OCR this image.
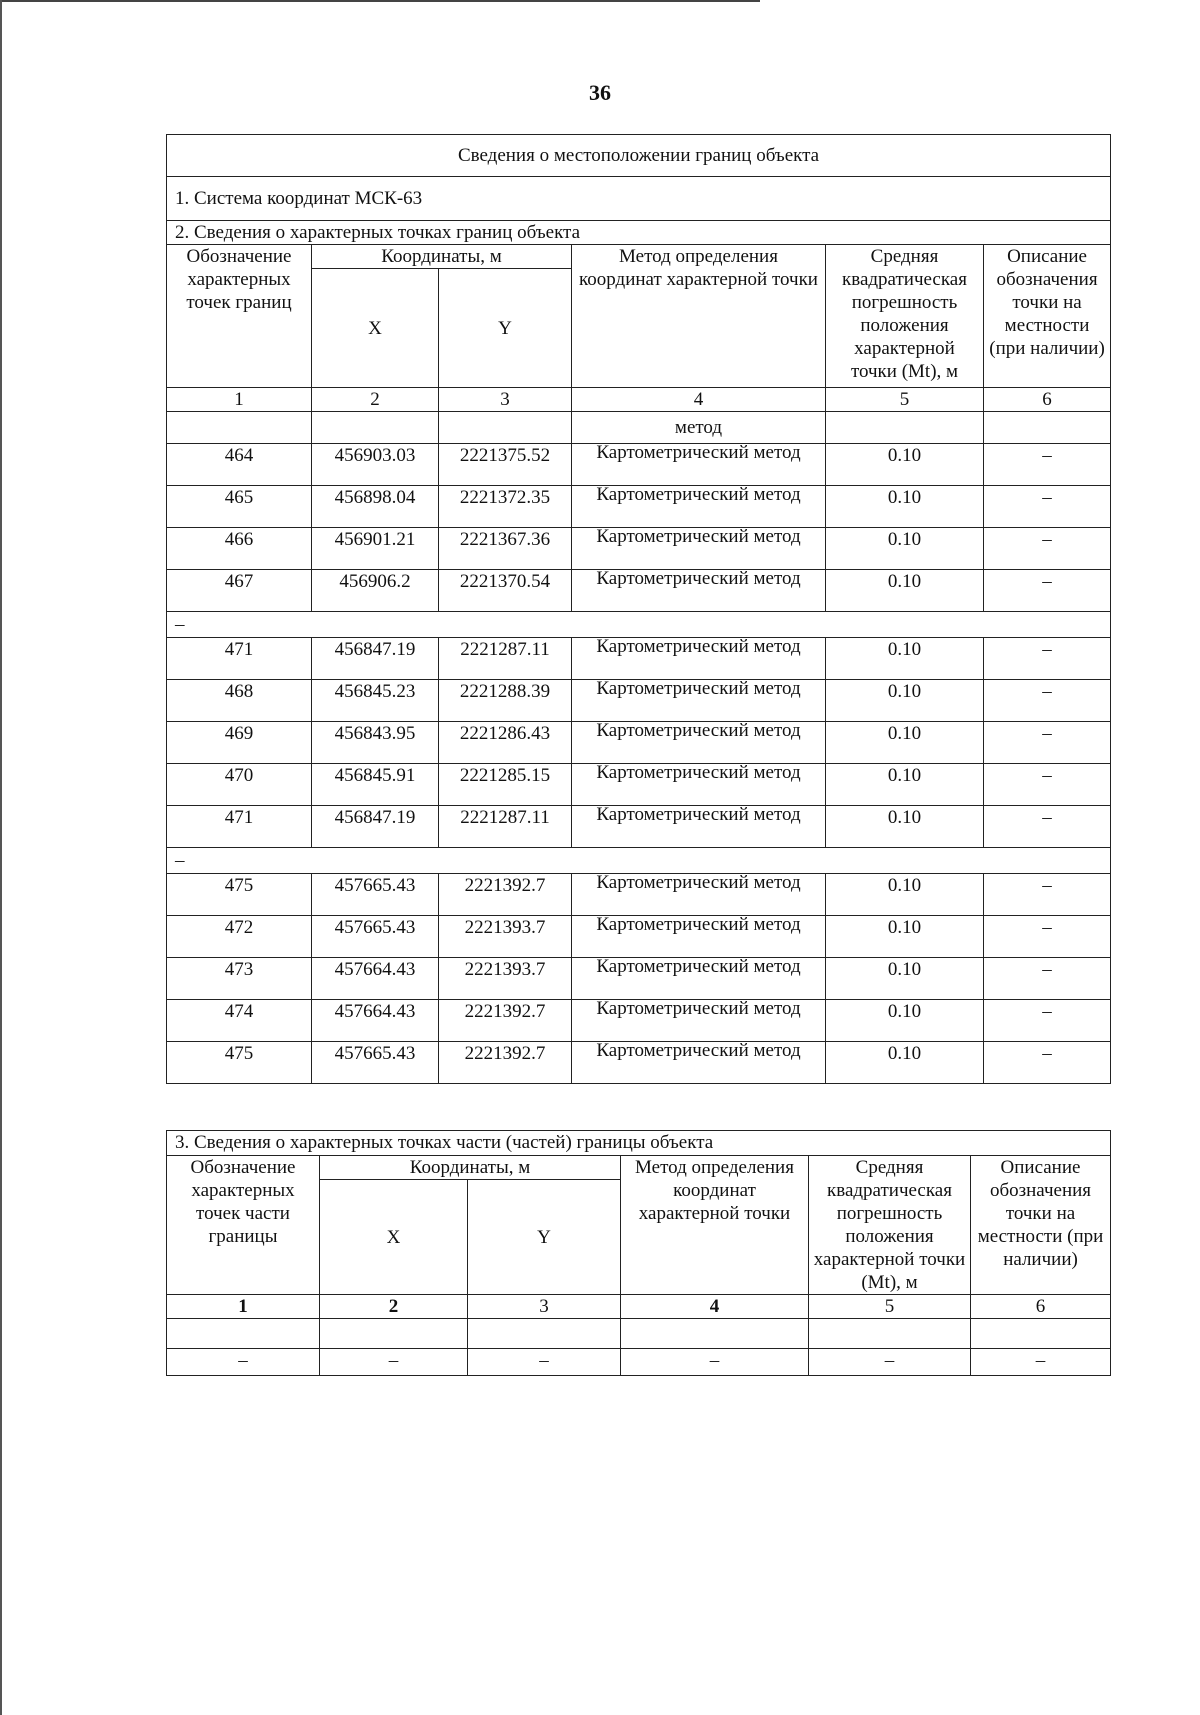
36
Сведения о местоположении границ объекта					
1. Система координат МСК-63					
2. Сведения о характерных точках границ объекта					
Обозначение характерных точек границ	Координаты, м		Метод определения координат характерной точки	Средняя квадратическая погрешность положения характерной точки (Mt), м	Описание обозначения точки на местности (при наличии)
	X	Y			
1	2	3	4	5	6
			метод		
464	456903.03	2221375.52	Картометрический метод	0.10	–
465	456898.04	2221372.35	Картометрический метод	0.10	–
466	456901.21	2221367.36	Картометрический метод	0.10	–
467	456906.2	2221370.54	Картометрический метод	0.10	–
–					
471	456847.19	2221287.11	Картометрический метод	0.10	–
468	456845.23	2221288.39	Картометрический метод	0.10	–
469	456843.95	2221286.43	Картометрический метод	0.10	–
470	456845.91	2221285.15	Картометрический метод	0.10	–
471	456847.19	2221287.11	Картометрический метод	0.10	–
–					
475	457665.43	2221392.7	Картометрический метод	0.10	–
472	457665.43	2221393.7	Картометрический метод	0.10	–
473	457664.43	2221393.7	Картометрический метод	0.10	–
474	457664.43	2221392.7	Картометрический метод	0.10	–
475	457665.43	2221392.7	Картометрический метод	0.10	–
3. Сведения о характерных точках части (частей) границы объекта					
Обозначение характерных точек части границы	Координаты, м		Метод определения координат характерной точки	Средняя квадратическая погрешность положения характерной точки (Mt), м	Описание обозначения точки на местности (при наличии)
	X	Y			
1	2	3	4	5	6

–	–	–	–	–	–
